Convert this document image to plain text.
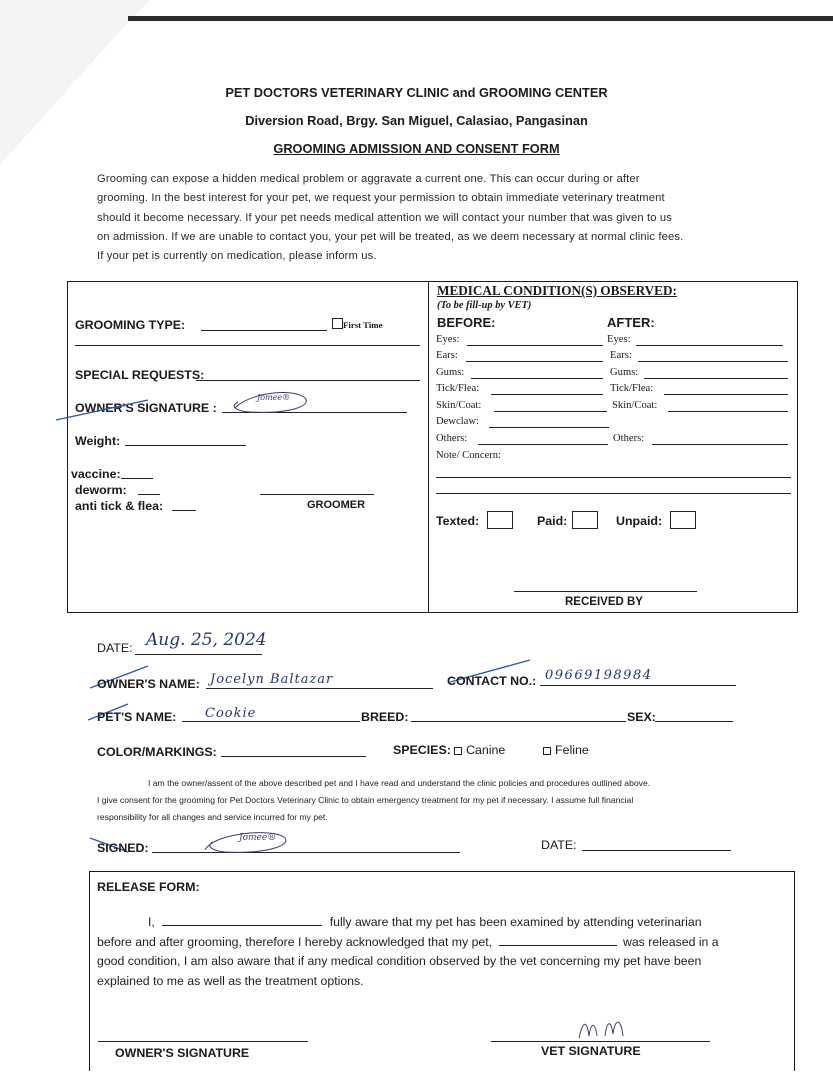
PET DOCTORS VETERINARY CLINIC and GROOMING CENTER
Diversion Road, Brgy. San Miguel, Calasiao, Pangasinan
GROOMING ADMISSION AND CONSENT FORM
Grooming can expose a hidden medical problem or aggravate a current one. This can occur during or after
grooming. In the best interest for your pet, we request your permission to obtain immediate veterinary treatment
should it become necessary. If your pet needs medical attention we will contact your number that was given to us
on admission. If we are unable to contact you, your pet will be treated, as we deem necessary at normal clinic fees.
If your pet is currently on medication, please inform us.
GROOMING TYPE:	First Time
SPECIAL REQUESTS:
OWNER'S SIGNATURE :
Jomee®
Weight:
vaccine:
deworm:
anti tick & flea:	GROOMER
MEDICAL CONDITION(S) OBSERVED:
(To be fill-up by VET)
BEFORE:	AFTER:
Eyes:	Eyes:
Ears:	Ears:
Gums:	Gums:
Tick/Flea:	Tick/Flea:
Skin/Coat:	Skin/Coat:
Dewclaw:
Others:	Others:
Note/ Concern:
Texted:	Paid:	Unpaid:
RECEIVED BY
DATE: Aug. 25, 2024
OWNER'S NAME: Jocelyn Baltazar	CONTACT NO.: 09669198984
PET'S NAME: Cookie	BREED:	SEX:
COLOR/MARKINGS:	SPECIES: Canine	Feline
I am the owner/assent of the above described pet and I have read and understand the clinic policies and procedures outlined above.
I give consent for the grooming for Pet Doctors Veterinary Clinic to obtain emergency treatment for my pet if necessary. I assume full financial
responsibility for all changes and service incurred for my pet.
SIGNED:
Jomee®	DATE:
RELEASE FORM:
I,	fully aware that my pet has been examined by attending veterinarian
before and after grooming, therefore I hereby acknowledged that my pet,	was released in a
good condition, I am also aware that if any medical condition observed by the vet concerning my pet have been
explained to me as well as the treatment options.
OWNER'S SIGNATURE	VET SIGNATURE
